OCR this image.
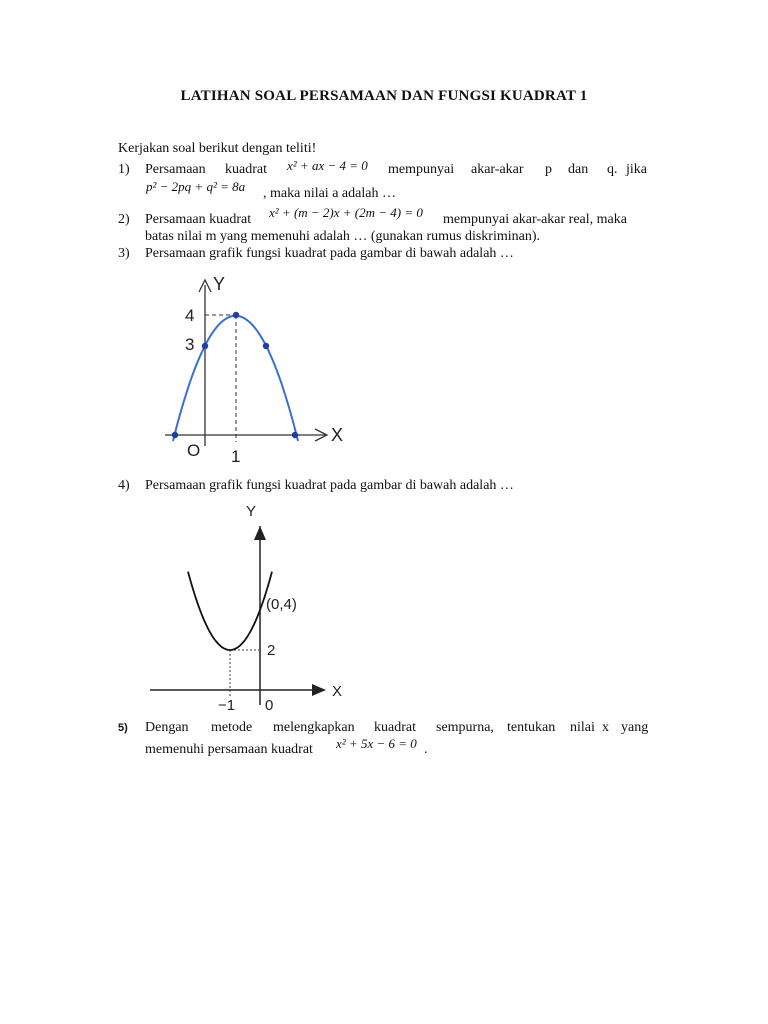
LATIHAN SOAL PERSAMAAN DAN FUNGSI KUADRAT 1
Kerjakan soal berikut dengan teliti!
1) Persamaan kuadrat x² + ax − 4 = 0 mempunyai akar-akar p dan q. jika
p² − 2pq + q² = 8a , maka nilai a adalah …
2) Persamaan kuadrat x² + (m − 2)x + (2m − 4) = 0 mempunyai akar-akar real, maka
batas nilai m yang memenuhi adalah … (gunakan rumus diskriminan).
3) Persamaan grafik fungsi kuadrat pada gambar di bawah adalah …
Y
X
4
3
O 1
4) Persamaan grafik fungsi kuadrat pada gambar di bawah adalah …
Y
X
(0,4)
2
−1 0
5) Dengan metode melengkapkan kuadrat sempurna, tentukan nilai x yang
memenuhi persamaan kuadrat x² + 5x − 6 = 0 .
